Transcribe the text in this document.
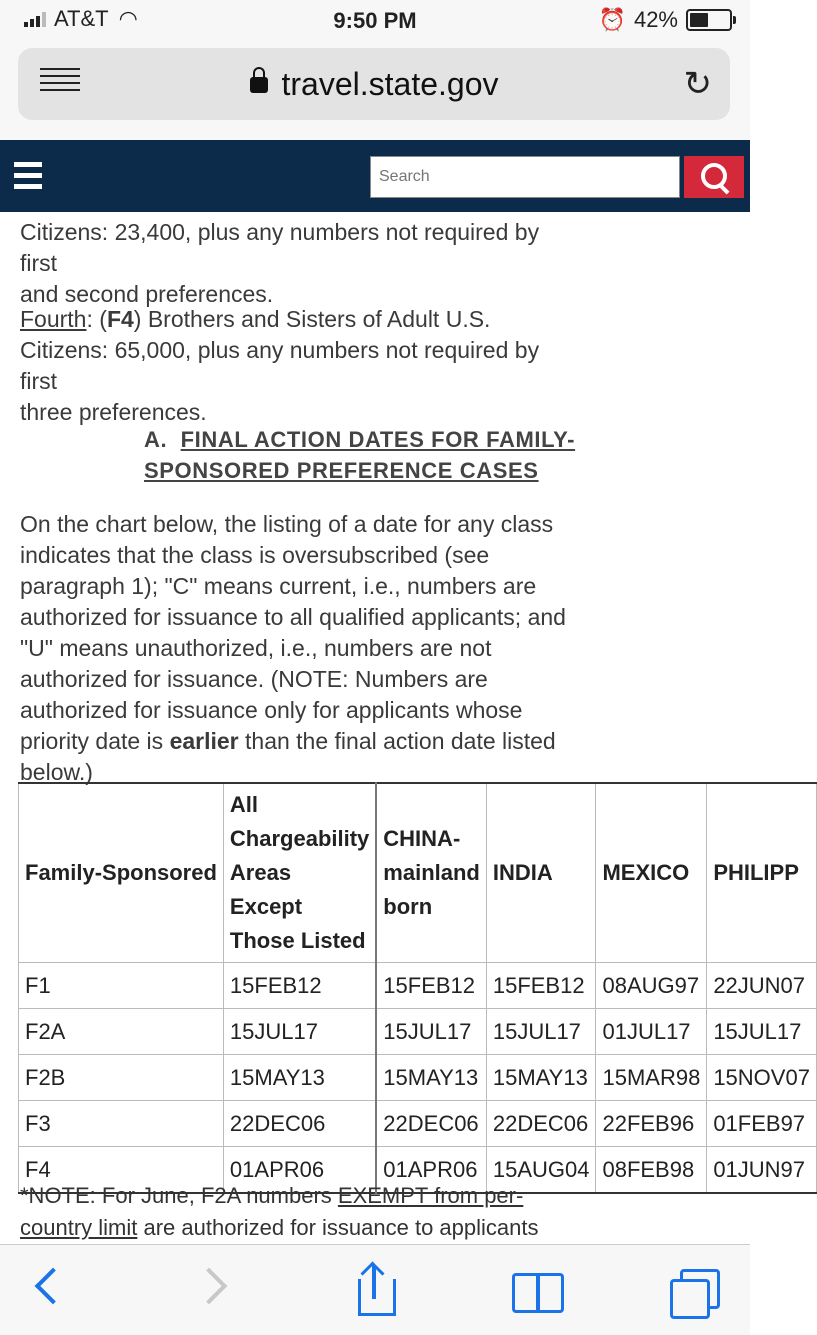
AT&T ◠	9:50 PM	⏰ 42%
travel.state.gov	↻
Search
Citizens: 23,400, plus any numbers not required by first
and second preferences.
Fourth: (F4) Brothers and Sisters of Adult U.S.
Citizens: 65,000, plus any numbers not required by first
three preferences.
A. FINAL ACTION DATES FOR FAMILY-
SPONSORED PREFERENCE CASES
On the chart below, the listing of a date for any class indicates that the class is oversubscribed (see paragraph 1); "C" means current, i.e., numbers are authorized for issuance to all qualified applicants; and "U" means unauthorized, i.e., numbers are not authorized for issuance. (NOTE: Numbers are authorized for issuance only for applicants whose priority date is earlier than the final action date listed below.)
Family-Sponsored	All Chargeability Areas Except Those Listed	CHINA-mainland born	INDIA	MEXICO	PHILIPP
F1	15FEB12	15FEB12	15FEB12	08AUG97	22JUN07
F2A	15JUL17	15JUL17	15JUL17	01JUL17	15JUL17
F2B	15MAY13	15MAY13	15MAY13	15MAR98	15NOV07
F3	22DEC06	22DEC06	22DEC06	22FEB96	01FEB97
F4	01APR06	01APR06	15AUG04	08FEB98	01JUN97
*NOTE: For June, F2A numbers EXEMPT from per-
country limit are authorized for issuance to applicants
